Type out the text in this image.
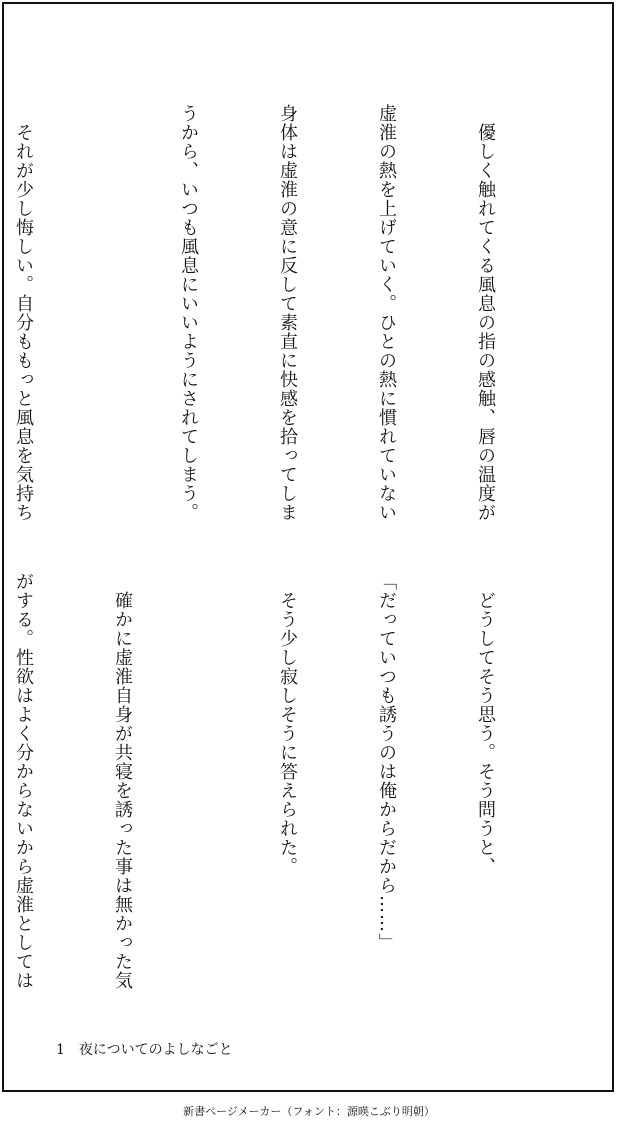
　優しく触れてくる風息の指の感触、唇の温度が

虚淮の熱を上げていく。ひとの熱に慣れていない

身体は虚淮の意に反して素直に快感を拾ってしま

うから、いつも風息にいいようにされてしまう。

　それが少し悔しい。自分ももっと風息を気持ち

　どうしてそう思う。そう問うと、

「だっていつも誘うのは俺からだから……」

　そう少し寂しそうに答えられた。

　確かに虚淮自身が共寝を誘った事は無かった気

がする。性欲はよく分からないから虚淮としては

1 夜についてのよしなごと
新書ページメーカー（フォント：源暎こぶり明朝）
